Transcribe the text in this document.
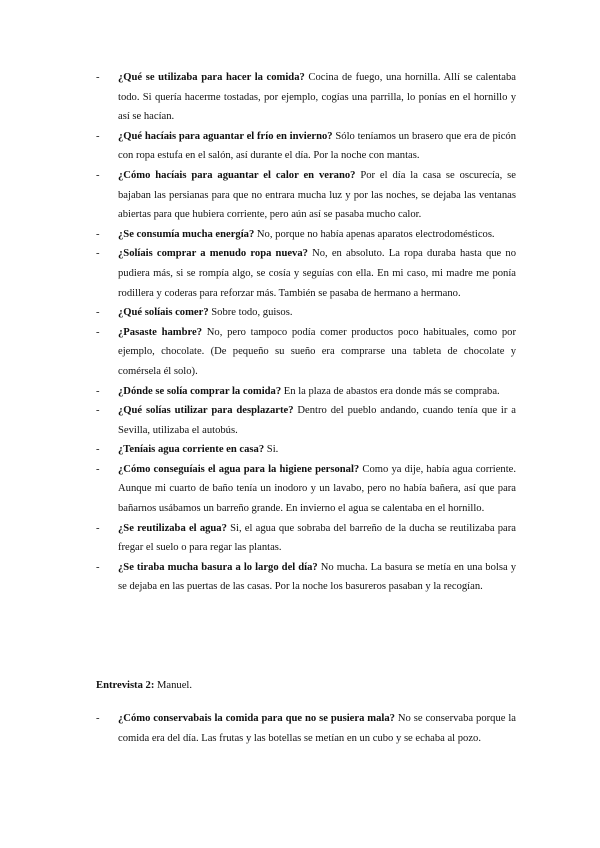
- ¿Qué se utilizaba para hacer la comida? Cocina de fuego, una hornilla. Allí se calentaba todo. Si quería hacerme tostadas, por ejemplo, cogías una parrilla, lo ponías en el hornillo y así se hacían.
- ¿Qué hacíais para aguantar el frío en invierno? Sólo teníamos un brasero que era de picón con ropa estufa en el salón, así durante el día. Por la noche con mantas.
- ¿Cómo hacíais para aguantar el calor en verano? Por el día la casa se oscurecía, se bajaban las persianas para que no entrara mucha luz y por las noches, se dejaba las ventanas abiertas para que hubiera corriente, pero aún así se pasaba mucho calor.
- ¿Se consumía mucha energía? No, porque no había apenas aparatos electrodomésticos.
- ¿Solíais comprar a menudo ropa nueva? No, en absoluto. La ropa duraba hasta que no pudiera más, si se rompía algo, se cosía y seguías con ella. En mi caso, mi madre me ponía rodillera y coderas para reforzar más. También se pasaba de hermano a hermano.
- ¿Qué solíais comer? Sobre todo, guisos.
- ¿Pasaste hambre? No, pero tampoco podía comer productos poco habituales, como por ejemplo, chocolate. (De pequeño su sueño era comprarse una tableta de chocolate y comérsela él solo).
- ¿Dónde se solía comprar la comida? En la plaza de abastos era donde más se compraba.
- ¿Qué solías utilizar para desplazarte? Dentro del pueblo andando, cuando tenía que ir a Sevilla, utilizaba el autobús.
- ¿Teníais agua corriente en casa? Si.
- ¿Cómo conseguíais el agua para la higiene personal? Como ya dije, había agua corriente. Aunque mi cuarto de baño tenía un inodoro y un lavabo, pero no había bañera, así que para bañarnos usábamos un barreño grande. En invierno el agua se calentaba en el hornillo.
- ¿Se reutilizaba el agua? Si, el agua que sobraba del barreño de la ducha se reutilizaba para fregar el suelo o para regar las plantas.
- ¿Se tiraba mucha basura a lo largo del día? No mucha. La basura se metía en una bolsa y se dejaba en las puertas de las casas. Por la noche los basureros pasaban y la recogían.
Entrevista 2: Manuel.
- ¿Cómo conservabais la comida para que no se pusiera mala? No se conservaba porque la comida era del día. Las frutas y las botellas se metían en un cubo y se echaba al pozo.
